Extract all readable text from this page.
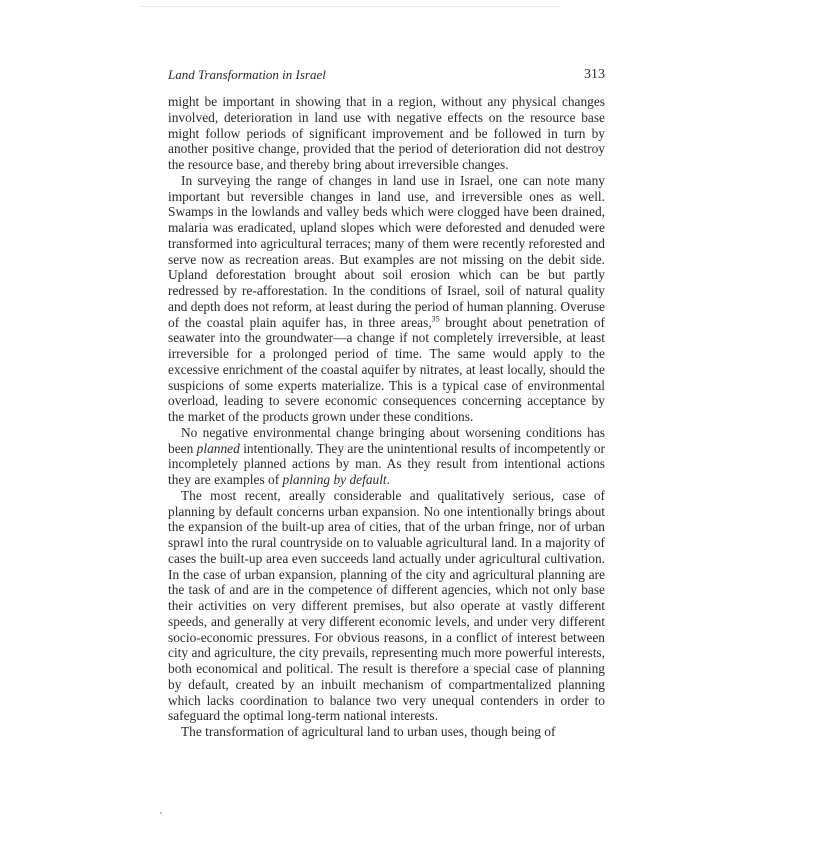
Land Transformation in Israel	313

might be important in showing that in a region, without any physical changes involved, deterioration in land use with negative effects on the resource base might follow periods of significant improvement and be followed in turn by another positive change, provided that the period of deterioration did not destroy the resource base, and thereby bring about irreversible changes.

In surveying the range of changes in land use in Israel, one can note many important but reversible changes in land use, and irreversible ones as well. Swamps in the lowlands and valley beds which were clogged have been drained, malaria was eradicated, upland slopes which were deforested and denuded were transformed into agricultural terraces; many of them were recently reforested and serve now as recreation areas. But examples are not missing on the debit side. Upland deforestation brought about soil erosion which can be but partly redressed by re-afforestation. In the conditions of Israel, soil of natural quality and depth does not reform, at least during the period of human planning. Overuse of the coastal plain aquifer has, in three areas,$^{35}$ brought about penetration of seawater into the groundwater—a change if not completely irreversible, at least irreversible for a prolonged period of time. The same would apply to the excessive enrichment of the coastal aquifer by nitrates, at least locally, should the suspicions of some experts materialize. This is a typical case of environmental overload, leading to severe economic consequences concerning acceptance by the market of the products grown under these conditions.

No negative environmental change bringing about worsening conditions has been planned intentionally. They are the unintentional results of incompetently or incompletely planned actions by man. As they result from intentional actions they are examples of planning by default.

The most recent, areally considerable and qualitatively serious, case of planning by default concerns urban expansion. No one intentionally brings about the expansion of the built-up area of cities, that of the urban fringe, nor of urban sprawl into the rural countryside on to valuable agricultural land. In a majority of cases the built-up area even succeeds land actually under agricultural cultivation. In the case of urban expansion, planning of the city and agricultural planning are the task of and are in the competence of different agencies, which not only base their activities on very different premises, but also operate at vastly different speeds, and generally at very different economic levels, and under very different socio-economic pressures. For obvious reasons, in a conflict of interest between city and agriculture, the city prevails, representing much more powerful interests, both economical and political. The result is therefore a special case of planning by default, created by an inbuilt mechanism of compartmentalized planning which lacks coordination to balance two very unequal contenders in order to safeguard the optimal long-term national interests.

The transformation of agricultural land to urban uses, though being of
